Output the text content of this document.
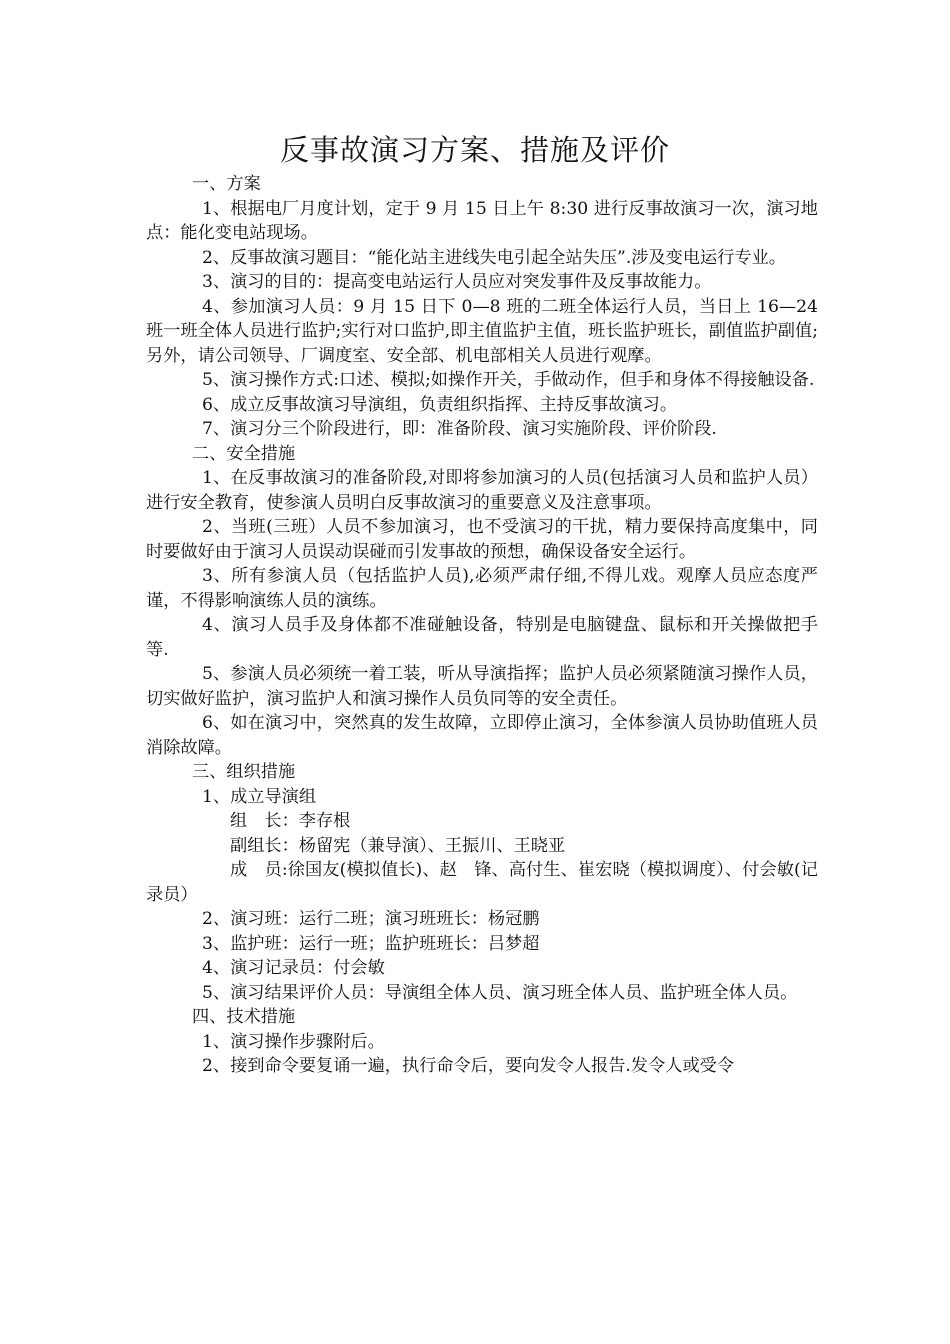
反事故演习方案、措施及评价

一、方案

1、根据电厂月度计划，定于 9 月 15 日上午 8:30 进行反事故演习一次，演习地点：能化变电站现场。

2、反事故演习题目：“能化站主进线失电引起全站失压”.涉及变电运行专业。

3、演习的目的：提高变电站运行人员应对突发事件及反事故能力。

4、参加演习人员：9 月 15 日下 0—8 班的二班全体运行人员，当日上 16—24 班一班全体人员进行监护;实行对口监护,即主值监护主值，班长监护班长，副值监护副值;另外，请公司领导、厂调度室、安全部、机电部相关人员进行观摩。

5、演习操作方式:口述、模拟;如操作开关，手做动作，但手和身体不得接触设备.

6、成立反事故演习导演组，负责组织指挥、主持反事故演习。

7、演习分三个阶段进行，即：准备阶段、演习实施阶段、评价阶段.

二、安全措施

1、在反事故演习的准备阶段,对即将参加演习的人员(包括演习人员和监护人员）进行安全教育，使参演人员明白反事故演习的重要意义及注意事项。

2、当班(三班）人员不参加演习，也不受演习的干扰，精力要保持高度集中，同时要做好由于演习人员误动误碰而引发事故的预想，确保设备安全运行。

3、所有参演人员（包括监护人员),必须严肃仔细,不得儿戏。观摩人员应态度严谨，不得影响演练人员的演练。

4、演习人员手及身体都不准碰触设备，特别是电脑键盘、鼠标和开关操做把手等.

5、参演人员必须统一着工装，听从导演指挥；监护人员必须紧随演习操作人员，切实做好监护，演习监护人和演习操作人员负同等的安全责任。

6、如在演习中，突然真的发生故障，立即停止演习，全体参演人员协助值班人员消除故障。

三、组织措施

1、成立导演组

组　长：李存根

副组长：杨留宪（兼导演）、王振川、王晓亚

成　员:徐国友(模拟值长)、赵　锋、高付生、崔宏晓（模拟调度）、付会敏(记录员）

2、演习班：运行二班；演习班班长：杨冠鹏

3、监护班：运行一班；监护班班长：吕梦超

4、演习记录员：付会敏

5、演习结果评价人员：导演组全体人员、演习班全体人员、监护班全体人员。

四、技术措施

1、演习操作步骤附后。

2、接到命令要复诵一遍，执行命令后，要向发令人报告.发令人或受令
